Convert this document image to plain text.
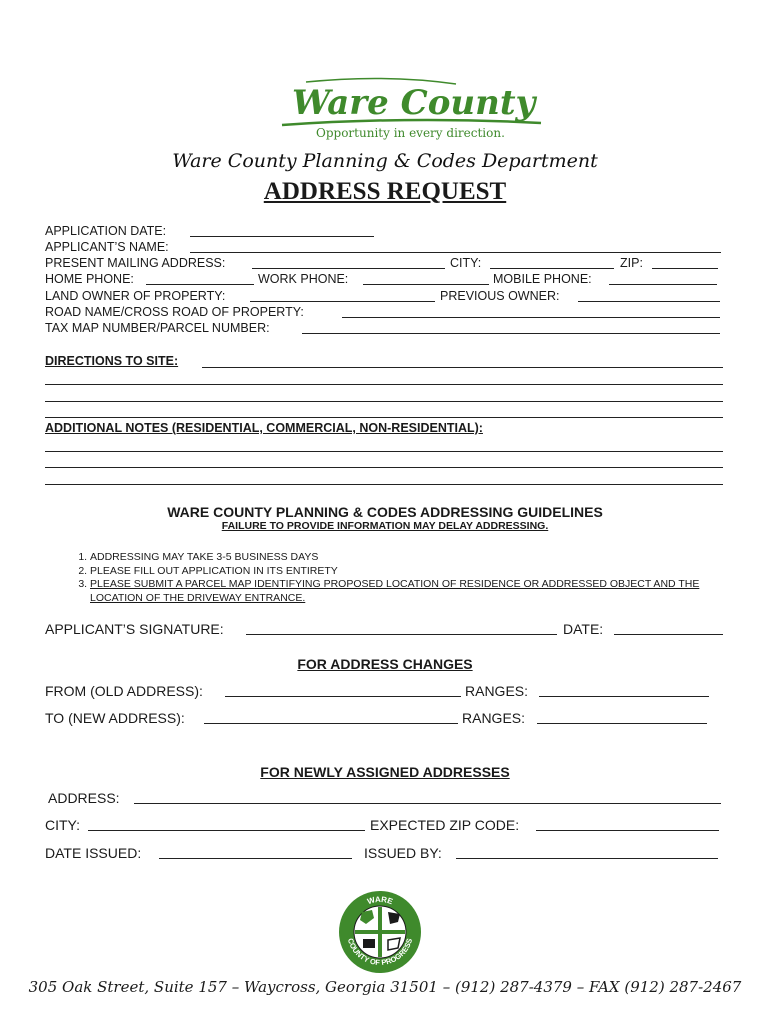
Ware County
Opportunity in every direction.
Ware County Planning & Codes Department
ADDRESS REQUEST
APPLICATION DATE:
APPLICANT’S NAME:
PRESENT MAILING ADDRESS:	CITY:	ZIP:
HOME PHONE:	WORK PHONE:	MOBILE PHONE:
LAND OWNER OF PROPERTY:	PREVIOUS OWNER:
ROAD NAME/CROSS ROAD OF PROPERTY:
TAX MAP NUMBER/PARCEL NUMBER:
DIRECTIONS TO SITE:
ADDITIONAL NOTES (RESIDENTIAL, COMMERCIAL, NON-RESIDENTIAL):
WARE COUNTY PLANNING & CODES ADDRESSING GUIDELINES
FAILURE TO PROVIDE INFORMATION MAY DELAY ADDRESSING.
1. ADDRESSING MAY TAKE 3-5 BUSINESS DAYS
2. PLEASE FILL OUT APPLICATION IN ITS ENTIRETY
3. PLEASE SUBMIT A PARCEL MAP IDENTIFYING PROPOSED LOCATION OF RESIDENCE OR ADDRESSED OBJECT AND THE LOCATION OF THE DRIVEWAY ENTRANCE.
APPLICANT’S SIGNATURE:	DATE:
FOR ADDRESS CHANGES
FROM (OLD ADDRESS):	RANGES:
TO (NEW ADDRESS):	RANGES:
FOR NEWLY ASSIGNED ADDRESSES
ADDRESS:
CITY:	EXPECTED ZIP CODE:
DATE ISSUED:	ISSUED BY:
WARE
COUNTY OF PROGRESS
305 Oak Street, Suite 157 – Waycross, Georgia 31501 – (912) 287-4379 – FAX (912) 287-2467
